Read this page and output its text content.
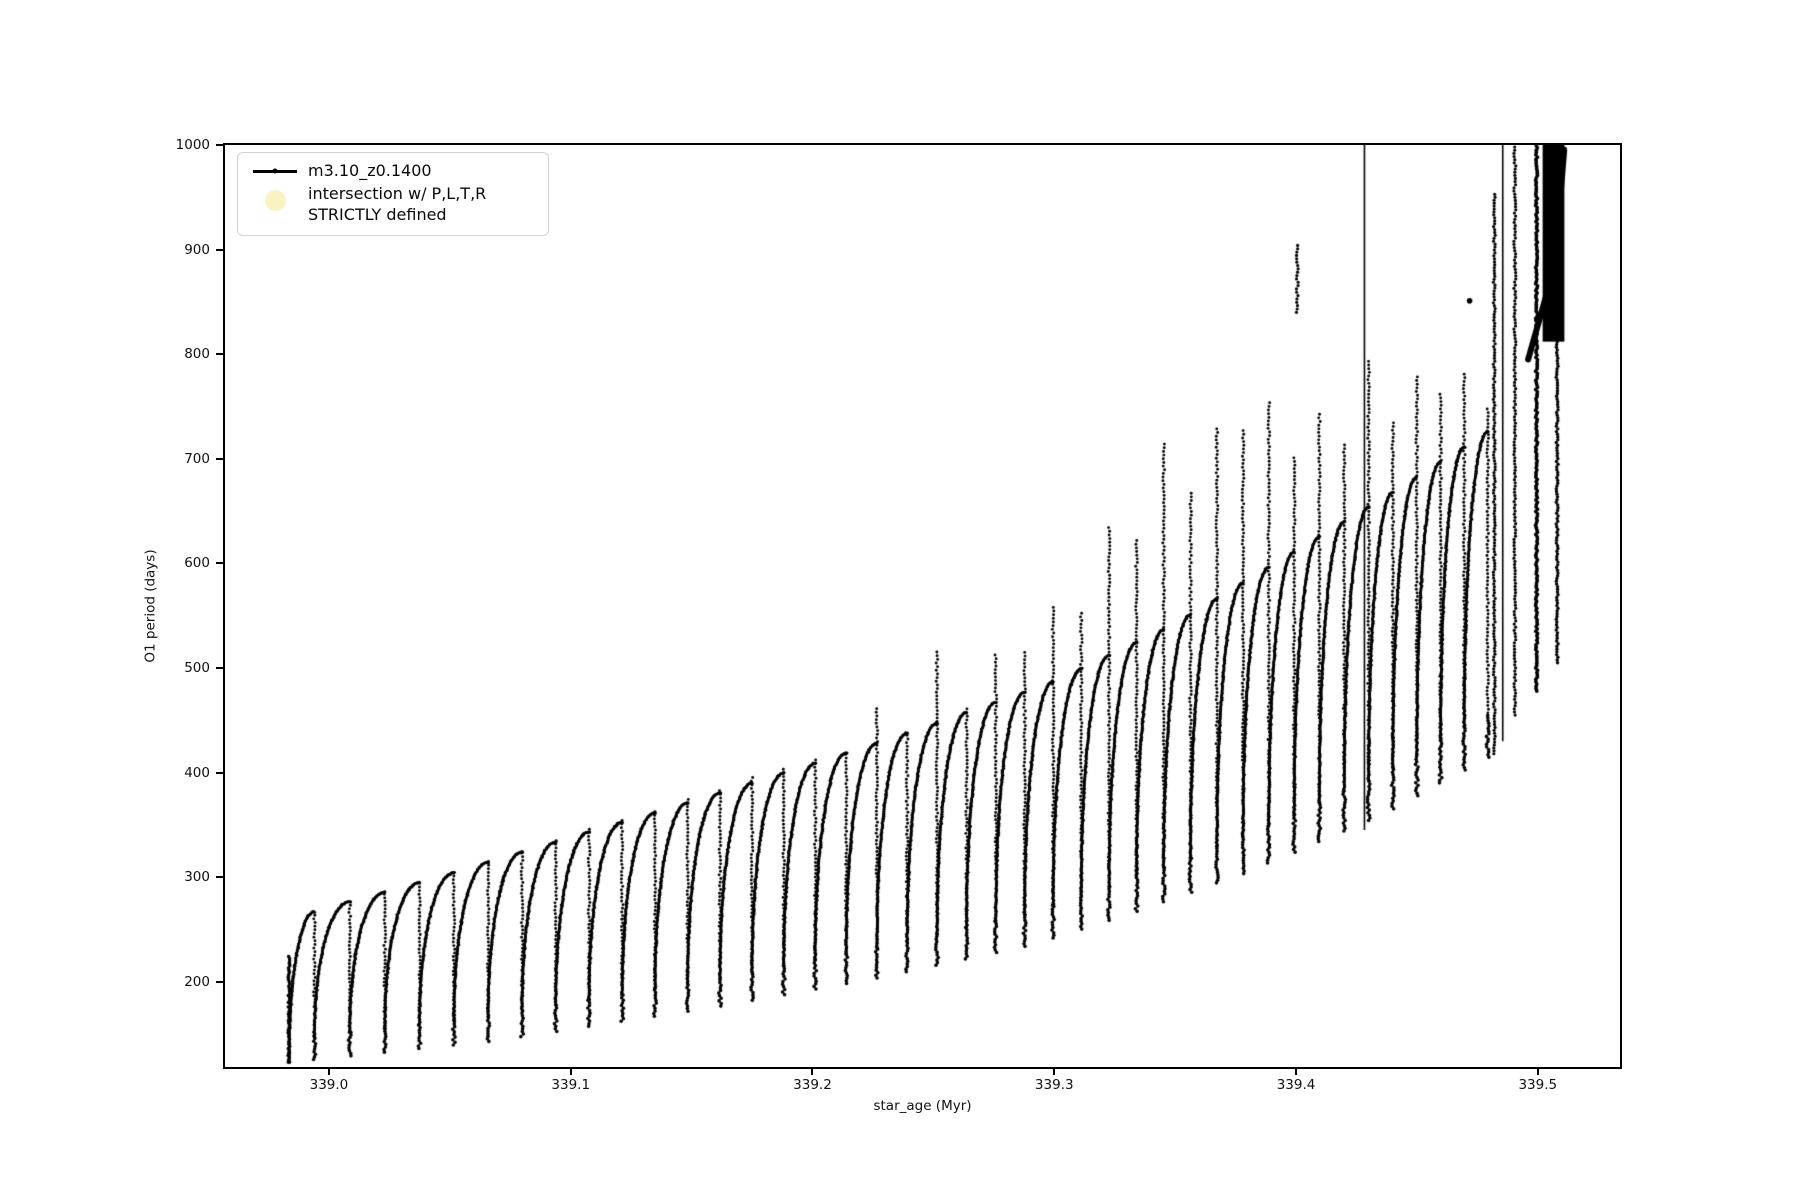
O1 period (days)
200
300
400
500
600
700
800
900
1000
339.0	339.1	339.2	339.3	339.4	339.5
star_age (Myr)
m3.10_z0.1400
intersection w/ P,L,T,R
STRICTLY defined
